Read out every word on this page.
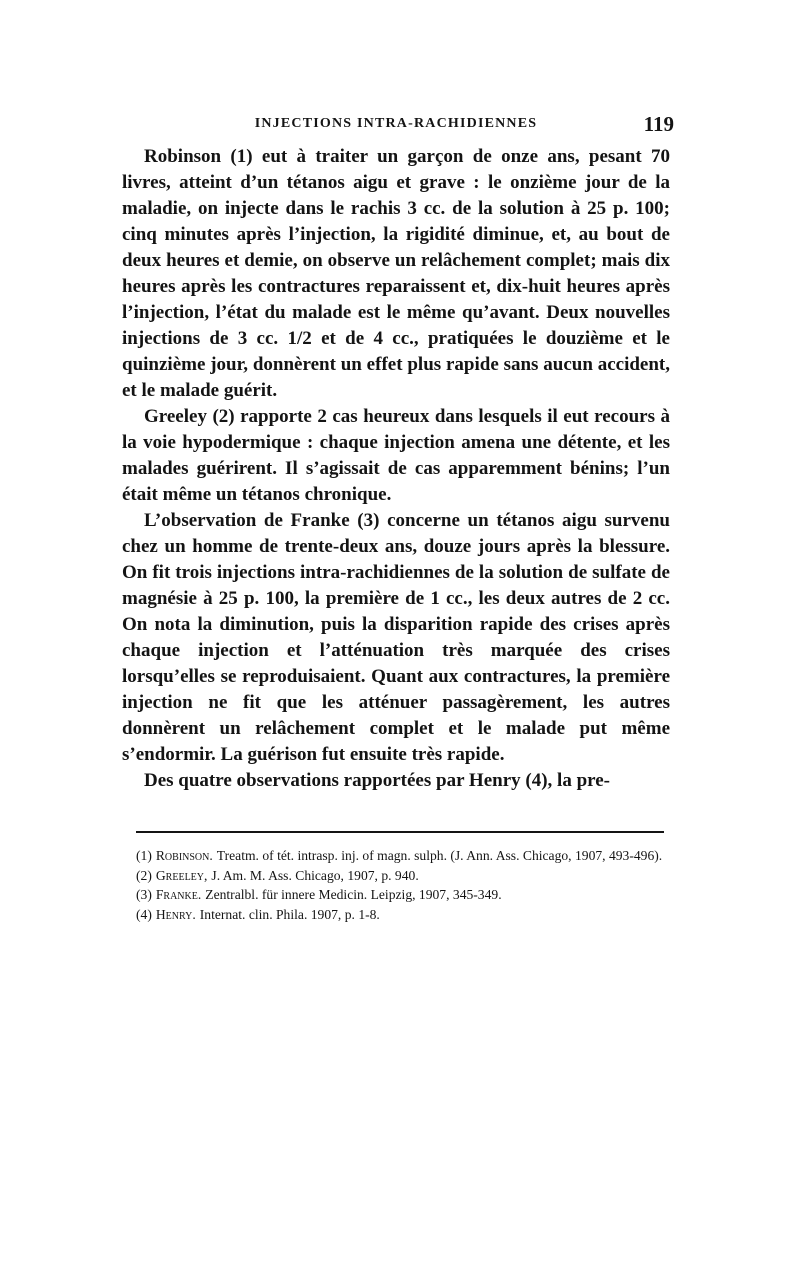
INJECTIONS INTRA-RACHIDIENNES	119

Robinson (1) eut à traiter un garçon de onze ans, pesant 70 livres, atteint d’un tétanos aigu et grave : le onzième jour de la maladie, on injecte dans le rachis 3 cc. de la solution à 25 p. 100; cinq minutes après l’injection, la rigidité diminue, et, au bout de deux heures et demie, on observe un relâchement complet; mais dix heures après les contractures reparaissent et, dix-huit heures après l’injection, l’état du malade est le même qu’avant. Deux nouvelles injections de 3 cc. 1/2 et de 4 cc., pratiquées le douzième et le quinzième jour, donnèrent un effet plus rapide sans aucun accident, et le malade guérit.

Greeley (2) rapporte 2 cas heureux dans lesquels il eut recours à la voie hypodermique : chaque injection amena une détente, et les malades guérirent. Il s’agissait de cas apparemment bénins; l’un était même un tétanos chronique.

L’observation de Franke (3) concerne un tétanos aigu survenu chez un homme de trente-deux ans, douze jours après la blessure. On fit trois injections intra-rachidiennes de la solution de sulfate de magnésie à 25 p. 100, la première de 1 cc., les deux autres de 2 cc. On nota la diminution, puis la disparition rapide des crises après chaque injection et l’atténuation très marquée des crises lorsqu’elles se reproduisaient. Quant aux contractures, la première injection ne fit que les atténuer passagèrement, les autres donnèrent un relâchement complet et le malade put même s’endormir. La guérison fut ensuite très rapide.

Des quatre observations rapportées par Henry (4), la pre-

(1) Robinson. Treatm. of tét. intrasp. inj. of magn. sulph. (J. Ann. Ass. Chicago, 1907, 493-496).
(2) Greeley, J. Am. M. Ass. Chicago, 1907, p. 940.
(3) Franke. Zentralbl. für innere Medicin. Leipzig, 1907, 345-349.
(4) Henry. Internat. clin. Phila. 1907, p. 1-8.
